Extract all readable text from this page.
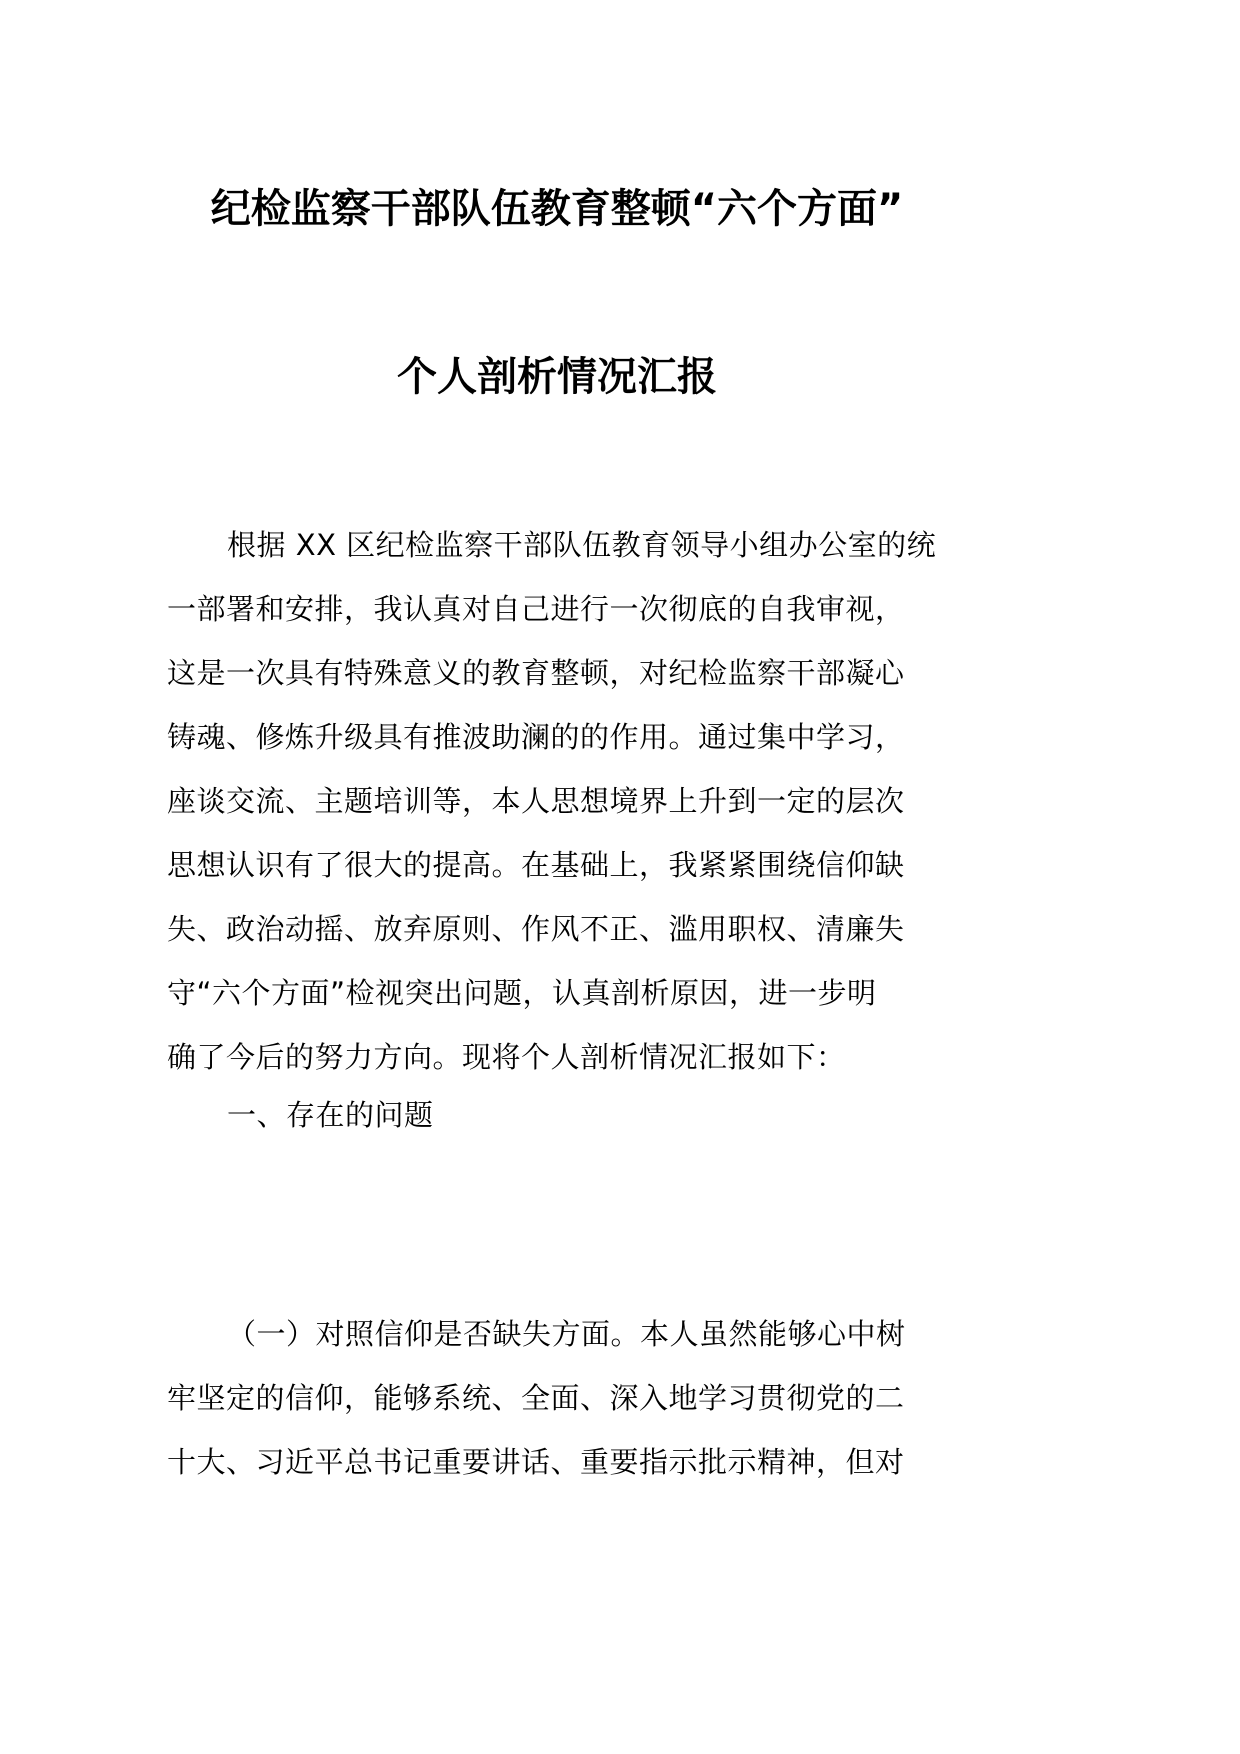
纪检监察干部队伍教育整顿“六个方面”
个人剖析情况汇报
根据 XX 区纪检监察干部队伍教育领导小组办公室的统
一部署和安排，我认真对自己进行一次彻底的自我审视，
这是一次具有特殊意义的教育整顿，对纪检监察干部凝心
铸魂、修炼升级具有推波助澜的的作用。通过集中学习，
座谈交流、主题培训等，本人思想境界上升到一定的层次
思想认识有了很大的提高。在基础上，我紧紧围绕信仰缺
失、政治动摇、放弃原则、作风不正、滥用职权、清廉失
守“六个方面”检视突出问题，认真剖析原因，进一步明
确了今后的努力方向。现将个人剖析情况汇报如下：
一、存在的问题
（一）对照信仰是否缺失方面。本人虽然能够心中树
牢坚定的信仰，能够系统、全面、深入地学习贯彻党的二
十大、习近平总书记重要讲话、重要指示批示精神，但对
